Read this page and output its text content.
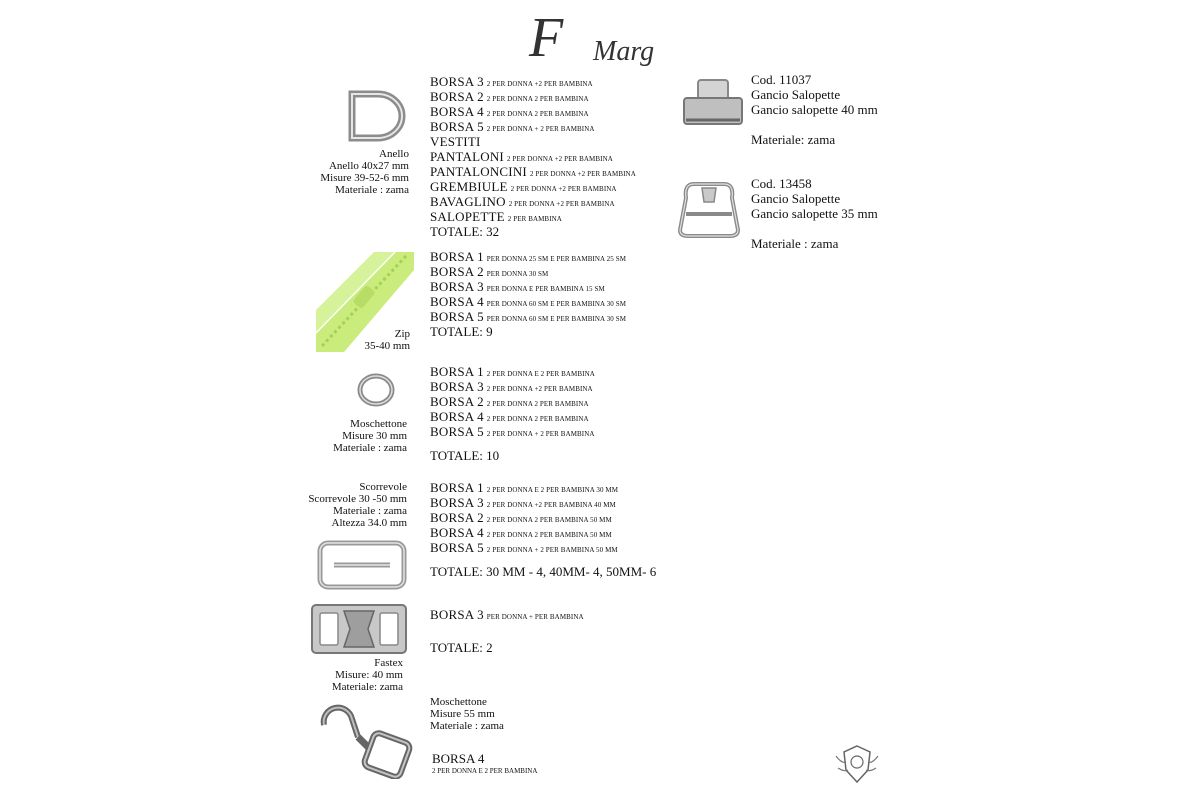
F Marg
Anello
Anello 40x27 mm
Misure 39-52-6 mm
Materiale : zama
BORSA 3 2 PER DONNA +2 PER BAMBINA
BORSA 2 2 PER DONNA 2 PER BAMBINA
BORSA 4 2 PER DONNA 2 PER BAMBINA
BORSA 5 2 PER DONNA + 2 PER BAMBINA
VESTITI
PANTALONI 2 PER DONNA +2 PER BAMBINA
PANTALONCINI 2 PER DONNA +2 PER BAMBINA
GREMBIULE 2 PER DONNA +2 PER BAMBINA
BAVAGLINO 2 PER DONNA +2 PER BAMBINA
SALOPETTE 2 PER BAMBINA
TOTALE: 32
Zip
35-40 mm
BORSA 1 PER DONNA 25 SM E PER BAMBINA 25 SM
BORSA 2 PER DONNA 30 SM
BORSA 3 PER DONNA E PER BAMBINA 15 SM
BORSA 4 PER DONNA 60 SM E PER BAMBINA 30 SM
BORSA 5 PER DONNA 60 SM E PER BAMBINA 30 SM
TOTALE: 9
Moschettone
Misure 30 mm
Materiale : zama
BORSA 1 2 PER DONNA E 2 PER BAMBINA
BORSA 3 2 PER DONNA +2 PER BAMBINA
BORSA 2 2 PER DONNA 2 PER BAMBINA
BORSA 4 2 PER DONNA 2 PER BAMBINA
BORSA 5 2 PER DONNA + 2 PER BAMBINA
TOTALE: 10
Scorrevole
Scorrevole 30 -50 mm
Materiale : zama
Altezza 34.0 mm
BORSA 1 2 PER DONNA E 2 PER BAMBINA 30 MM
BORSA 3 2 PER DONNA +2 PER BAMBINA 40 MM
BORSA 2 2 PER DONNA 2 PER BAMBINA 50 MM
BORSA 4 2 PER DONNA 2 PER BAMBINA 50 MM
BORSA 5 2 PER DONNA + 2 PER BAMBINA 50 MM
TOTALE: 30 MM - 4, 40MM- 4, 50MM- 6
Fastex
Misure: 40 mm
Materiale: zama
BORSA 3 PER DONNA + PER BAMBINA
TOTALE: 2
Moschettone
Misure 55 mm
Materiale : zama
BORSA 4
2 PER DONNA E 2 PER BAMBINA
Cod. 11037
Gancio Salopette
Gancio salopette 40 mm
Materiale: zama
Cod. 13458
Gancio Salopette
Gancio salopette 35 mm
Materiale : zama
